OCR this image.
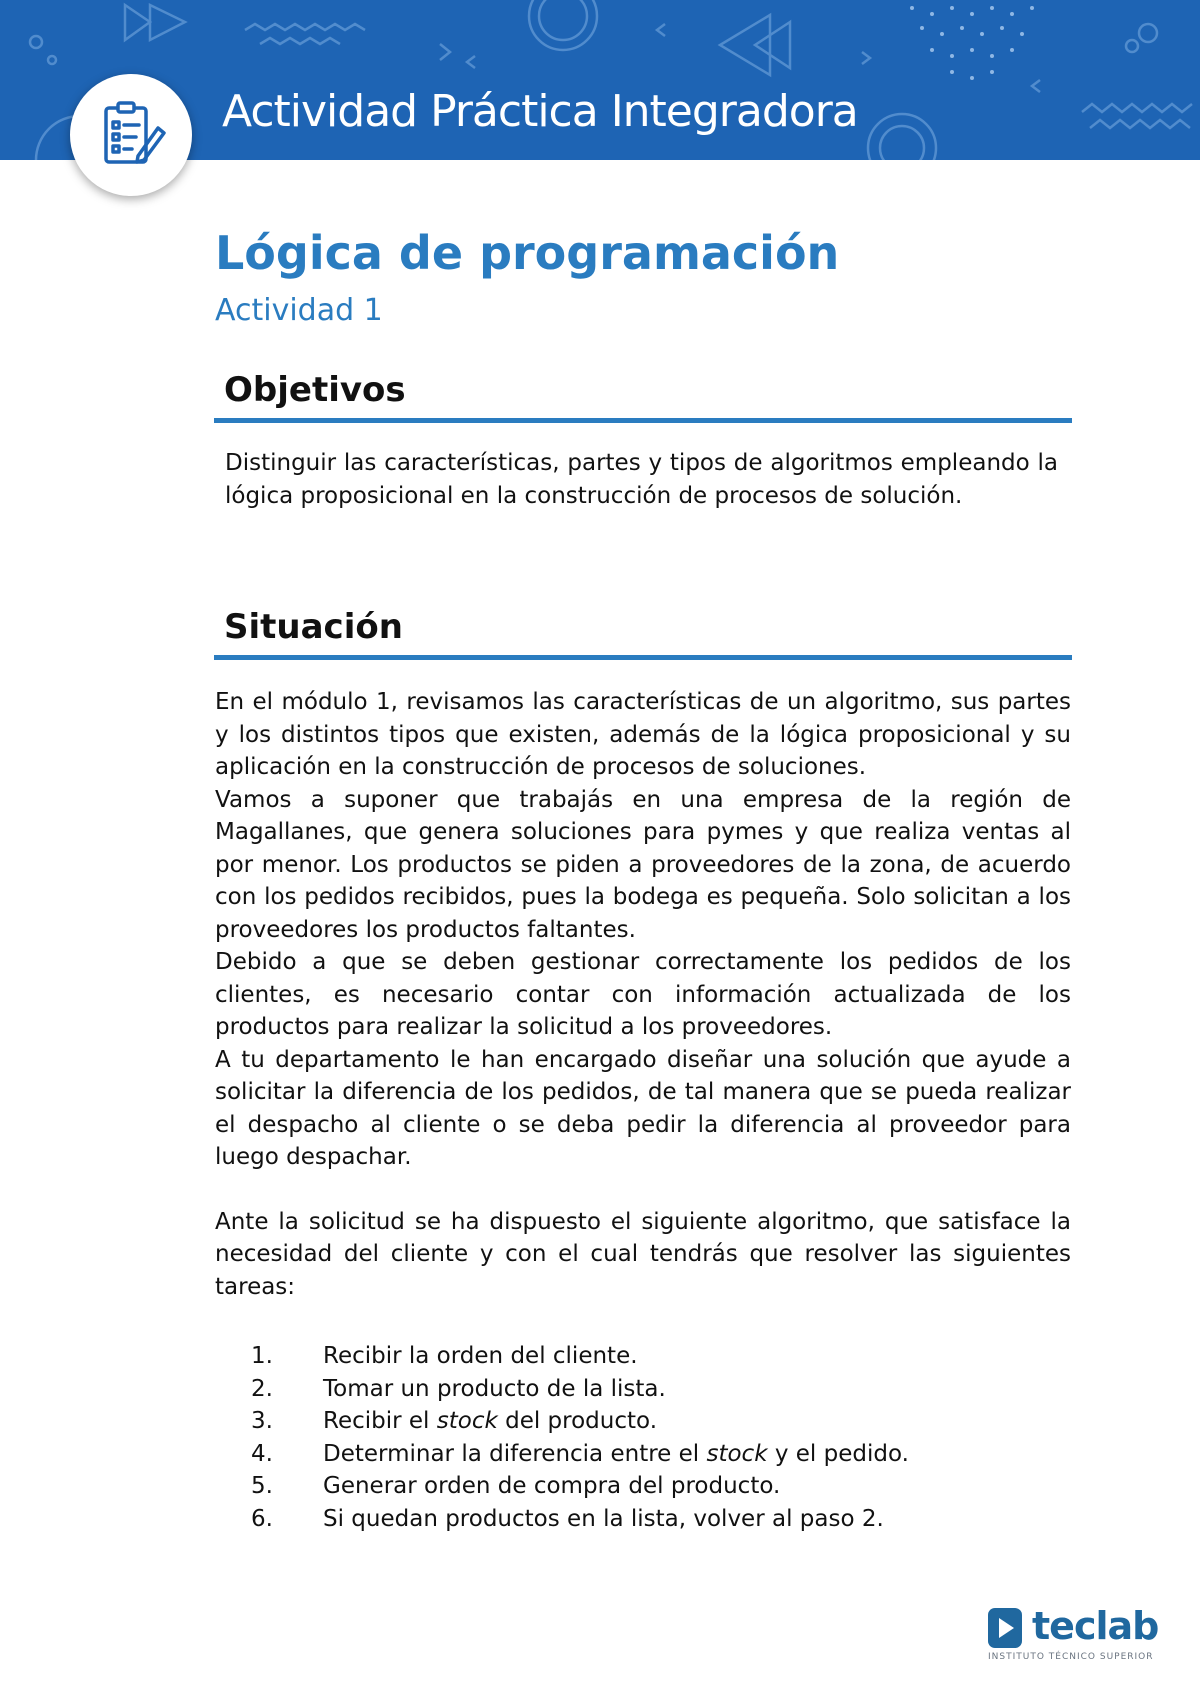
Actividad Práctica Integradora
Lógica de programación
Actividad 1
Objetivos

Distinguir las características, partes y tipos de algoritmos empleando la lógica proposicional en la construcción de procesos de solución.

Situación

En el módulo 1, revisamos las características de un algoritmo, sus partes y los distintos tipos que existen, además de la lógica proposicional y su aplicación en la construcción de procesos de soluciones.

Vamos a suponer que trabajás en una empresa de la región de Magallanes, que genera soluciones para pymes y que realiza ventas al por menor. Los productos se piden a proveedores de la zona, de acuerdo con los pedidos recibidos, pues la bodega es pequeña. Solo solicitan a los proveedores los productos faltantes.

Debido a que se deben gestionar correctamente los pedidos de los clientes, es necesario contar con información actualizada de los productos para realizar la solicitud a los proveedores.

A tu departamento le han encargado diseñar una solución que ayude a solicitar la diferencia de los pedidos, de tal manera que se pueda realizar el despacho al cliente o se deba pedir la diferencia al proveedor para luego despachar.

Ante la solicitud se ha dispuesto el siguiente algoritmo, que satisface la necesidad del cliente y con el cual tendrás que resolver las siguientes tareas:

1. Recibir la orden del cliente.
2. Tomar un producto de la lista.
3. Recibir el stock del producto.
4. Determinar la diferencia entre el stock y el pedido.
5. Generar orden de compra del producto.
6. Si quedan productos en la lista, volver al paso 2.
teclab
INSTITUTO TÉCNICO SUPERIOR
